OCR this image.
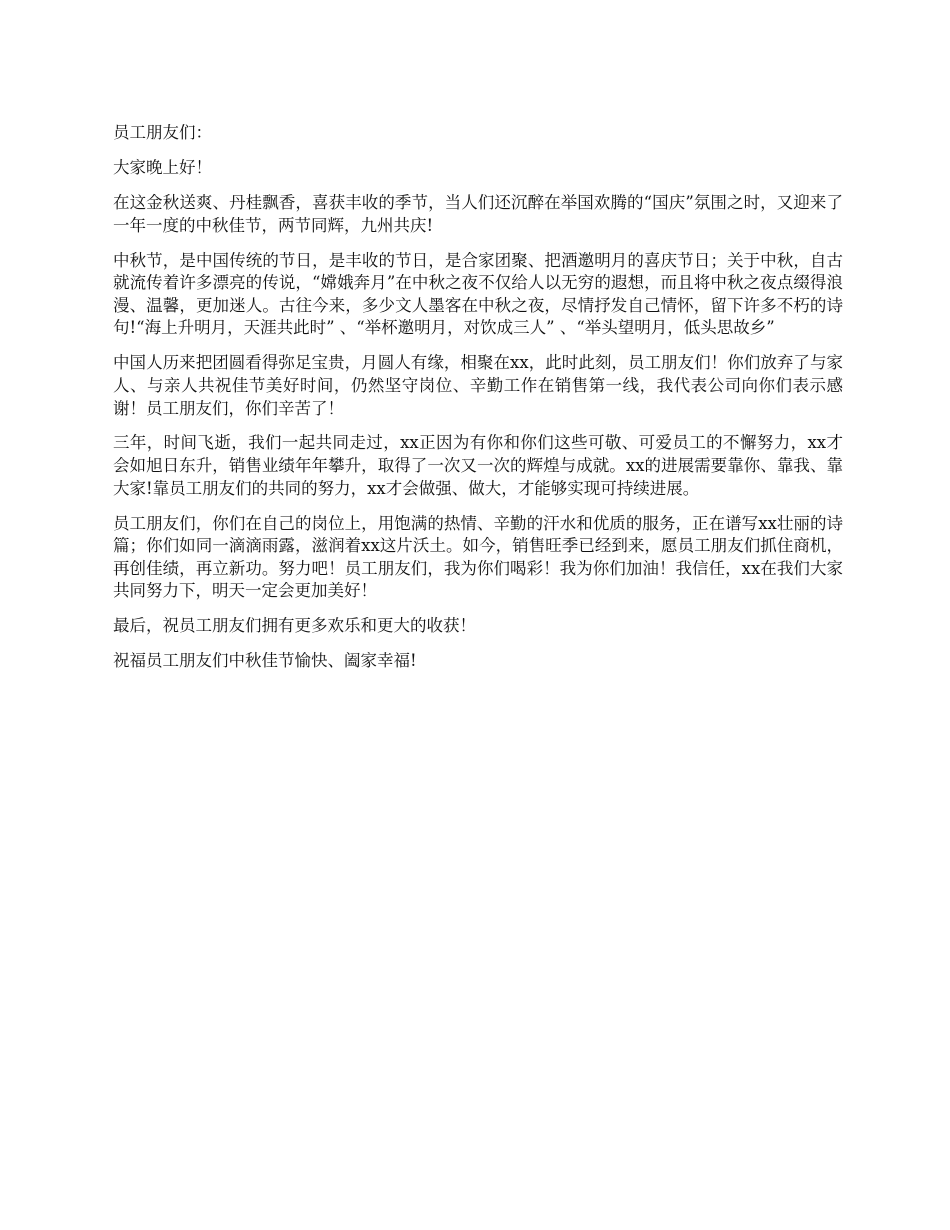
员工朋友们：

大家晚上好！

在这金秋送爽、丹桂飘香，喜获丰收的季节，当人们还沉醉在举国欢腾的“国庆”氛围之时，又迎来了一年一度的中秋佳节，两节同辉，九州共庆!

中秋节，是中国传统的节日，是丰收的节日，是合家团聚、把酒邀明月的喜庆节日；关于中秋，自古就流传着许多漂亮的传说，“嫦娥奔月”在中秋之夜不仅给人以无穷的遐想，而且将中秋之夜点缀得浪漫、温馨，更加迷人。古往今来，多少文人墨客在中秋之夜，尽情抒发自己情怀，留下许多不朽的诗句!“海上升明月，天涯共此时” 、“举杯邀明月，对饮成三人” 、“举头望明月，低头思故乡”

中国人历来把团圆看得弥足宝贵，月圆人有缘，相聚在xx，此时此刻，员工朋友们！你们放弃了与家人、与亲人共祝佳节美好时间，仍然坚守岗位、辛勤工作在销售第一线，我代表公司向你们表示感谢！员工朋友们，你们辛苦了！

三年，时间飞逝，我们一起共同走过，xx正因为有你和你们这些可敬、可爱员工的不懈努力，xx才会如旭日东升，销售业绩年年攀升，取得了一次又一次的辉煌与成就。xx的进展需要靠你、靠我、靠大家!靠员工朋友们的共同的努力，xx才会做强、做大，才能够实现可持续进展。

员工朋友们，你们在自己的岗位上，用饱满的热情、辛勤的汗水和优质的服务，正在谱写xx壮丽的诗篇；你们如同一滴滴雨露，滋润着xx这片沃土。如今，销售旺季已经到来，愿员工朋友们抓住商机，再创佳绩，再立新功。努力吧！员工朋友们，我为你们喝彩！我为你们加油！我信任，xx在我们大家共同努力下，明天一定会更加美好！

最后，祝员工朋友们拥有更多欢乐和更大的收获！

祝福员工朋友们中秋佳节愉快、阖家幸福!
